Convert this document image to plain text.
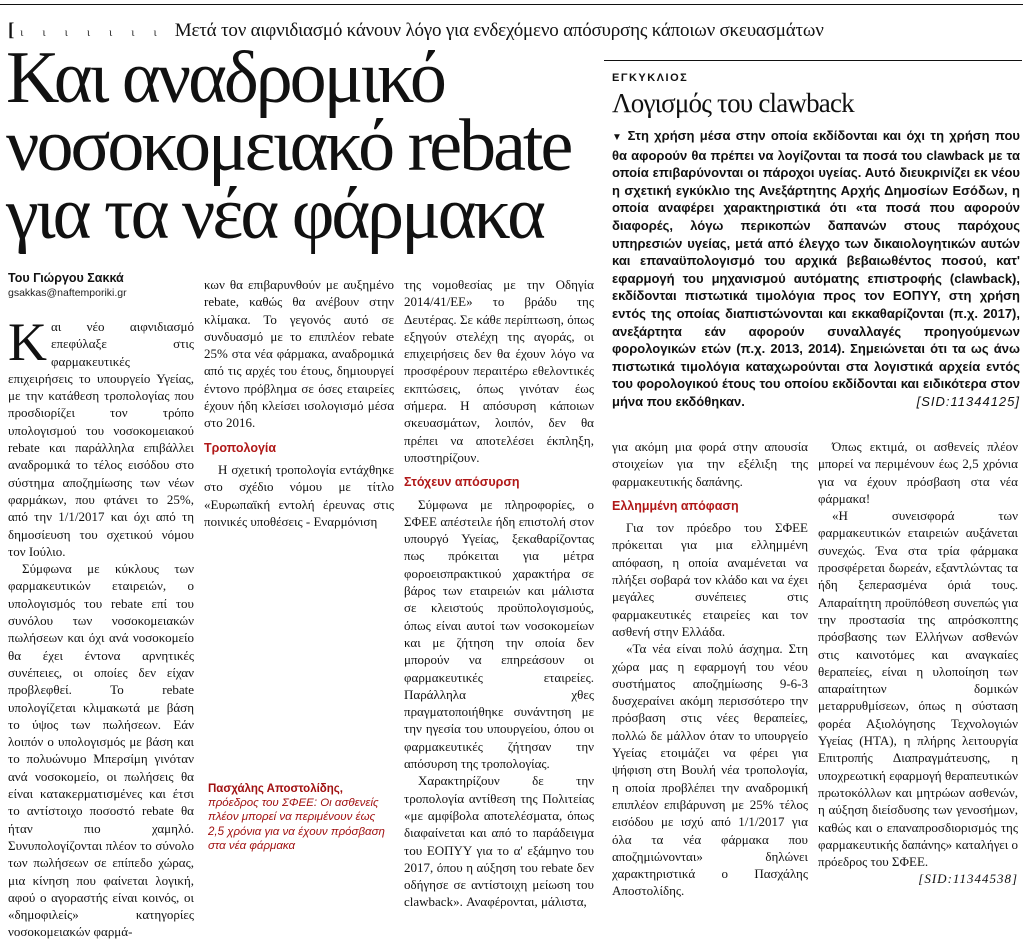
[ ι ι ι ι ι ι ι Μετά τον αιφνιδιασμό κάνουν λόγο για ενδεχόμενο απόσυρσης κάποιων σκευασμάτων
Και αναδρομικό
νοσοκομειακό rebate
για τα νέα φάρμακα
Του Γιώργου Σακκά
gsakkas@naftemporiki.gr

Και νέο αιφνιδιασμό επεφύλαξε στις φαρμακευτικές επιχειρήσεις το υπουργείο Υγείας, με την κατάθεση τροπολογίας που προσδιορίζει τον τρόπο υπολογισμού του νοσοκομειακού rebate και παράλληλα επιβάλλει αναδρομικά το τέλος εισόδου στο σύστημα αποζημίωσης των νέων φαρμάκων, που φτάνει το 25%, από την 1/1/2017 και όχι από τη δημοσίευση του σχετικού νόμου τον Ιούλιο.

Σύμφωνα με κύκλους των φαρμακευτικών εταιρειών, ο υπολογισμός του rebate επί του συνόλου των νοσοκομειακών πωλήσεων και όχι ανά νοσοκομείο θα έχει έντονα αρνητικές συνέπειες, οι οποίες δεν είχαν προβλεφθεί. Το rebate υπολογίζεται κλιμακωτά με βάση το ύψος των πωλήσεων. Εάν λοιπόν ο υπολογισμός με βάση και το πολυώνυμο Μπερσίμη γινόταν ανά νοσοκομείο, οι πωλήσεις θα είναι κατακερματισμένες και έτσι το αντίστοιχο ποσοστό rebate θα ήταν πιο χαμηλό. Συνυπολογίζονται πλέον το σύνολο των πωλήσεων σε επίπεδο χώρας, μια κίνηση που φαίνεται λογική, αφού ο αγοραστής είναι κοινός, οι «δημοφιλείς» κατηγορίες νοσοκομειακών φαρμά-

κων θα επιβαρυνθούν με αυξημένο rebate, καθώς θα ανέβουν στην κλίμακα. Το γεγονός αυτό σε συνδυασμό με το επιπλέον rebate 25% στα νέα φάρμακα, αναδρομικά από τις αρχές του έτους, δημιουργεί έντονο πρόβλημα σε όσες εταιρείες έχουν ήδη κλείσει ισολογισμό μέσα στο 2016.

Τροπολογία

Η σχετική τροπολογία εντάχθηκε στο σχέδιο νόμου με τίτλο «Ευρωπαϊκή εντολή έρευνας στις ποινικές υποθέσεις - Εναρμόνιση

Πασχάλης Αποστολίδης,
πρόεδρος του ΣΦΕΕ: Οι ασθενείς πλέον μπορεί να περιμένουν έως 2,5 χρόνια για να έχουν πρόσβαση στα νέα φάρμακα

της νομοθεσίας με την Οδηγία 2014/41/ΕΕ» το βράδυ της Δευτέρας. Σε κάθε περίπτωση, όπως εξηγούν στελέχη της αγοράς, οι επιχειρήσεις δεν θα έχουν λόγο να προσφέρουν περαιτέρω εθελοντικές εκπτώσεις, όπως γινόταν έως σήμερα. Η απόσυρση κάποιων σκευασμάτων, λοιπόν, δεν θα πρέπει να αποτελέσει έκπληξη, υποστηρίζουν.

Στόχευν απόσυρση

Σύμφωνα με πληροφορίες, ο ΣΦΕΕ απέστειλε ήδη επιστολή στον υπουργό Υγείας, ξεκαθαρίζοντας πως πρόκειται για μέτρα φοροεισπρακτικού χαρακτήρα σε βάρος των εταιρειών και μάλιστα σε κλειστούς προϋπολογισμούς, όπως είναι αυτοί των νοσοκομείων και με ζήτηση την οποία δεν μπορούν να επηρεάσουν οι φαρμακευτικές εταιρείες. Παράλληλα χθες πραγματοποιήθηκε συνάντηση με την ηγεσία του υπουργείου, όπου οι φαρμακευτικές ζήτησαν την απόσυρση της τροπολογίας.

Χαρακτηρίζουν δε την τροπολογία αντίθεση της Πολιτείας «με αμφίβολα αποτελέσματα, όπως διαφαίνεται και από το παράδειγμα του ΕΟΠΥΥ για το α' εξάμηνο του 2017, όπου η αύξηση του rebate δεν οδήγησε σε αντίστοιχη μείωση του clawback». Αναφέρονται, μάλιστα,

ΕΓΚΥΚΛΙΟΣ
Λογισμός του clawback
▼ Στη χρήση μέσα στην οποία εκδίδονται και όχι τη χρήση που θα αφορούν θα πρέπει να λογίζονται τα ποσά του clawback με τα οποία επιβαρύνονται οι πάροχοι υγείας. Αυτό διευκρινίζει εκ νέου η σχετική εγκύκλιο της Ανεξάρτητης Αρχής Δημοσίων Εσόδων, η οποία αναφέρει χαρακτηριστικά ότι «τα ποσά που αφορούν διαφορές, λόγω περικοπών δαπανών στους παρόχους υπηρεσιών υγείας, μετά από έλεγχο των δικαιολογητικών αυτών και επαναϋπολογισμό του αρχικά βεβαιωθέντος ποσού, κατ' εφαρμογή του μηχανισμού αυτόματης επιστροφής (clawback), εκδίδονται πιστωτικά τιμολόγια προς τον ΕΟΠΥΥ, στη χρήση εντός της οποίας διαπιστώνονται και εκκαθαρίζονται (π.χ. 2017), ανεξάρτητα εάν αφορούν συναλλαγές προηγούμενων φορολογικών ετών (π.χ. 2013, 2014). Σημειώνεται ότι τα ως άνω πιστωτικά τιμολόγια καταχωρούνται στα λογιστικά αρχεία εντός του φορολογικού έτους του οποίου εκδίδονται και ειδικότερα στον μήνα που εκδόθηκαν.	[SID:11344125]

για ακόμη μια φορά στην απουσία στοιχείων για την εξέλιξη της φαρμακευτικής δαπάνης.

Ελλημμένη απόφαση

Για τον πρόεδρο του ΣΦΕΕ πρόκειται για μια ελλημμένη απόφαση, η οποία αναμένεται να πλήξει σοβαρά τον κλάδο και να έχει μεγάλες συνέπειες στις φαρμακευτικές εταιρείες και τον ασθενή στην Ελλάδα.

«Τα νέα είναι πολύ άσχημα. Στη χώρα μας η εφαρμογή του νέου συστήματος αποζημίωσης 9-6-3 δυσχεραίνει ακόμη περισσότερο την πρόσβαση στις νέες θεραπείες, πολλώ δε μάλλον όταν το υπουργείο Υγείας ετοιμάζει να φέρει για ψήφιση στη Βουλή νέα τροπολογία, η οποία προβλέπει την αναδρομική επιπλέον επιβάρυνση με 25% τέλος εισόδου με ισχύ από 1/1/2017 για όλα τα νέα φάρμακα που αποζημιώνονται» δηλώνει χαρακτηριστικά ο Πασχάλης Αποστολίδης.

Όπως εκτιμά, οι ασθενείς πλέον μπορεί να περιμένουν έως 2,5 χρόνια για να έχουν πρόσβαση στα νέα φάρμακα!

«Η συνεισφορά των φαρμακευτικών εταιρειών αυξάνεται συνεχώς. Ένα στα τρία φάρμακα προσφέρεται δωρεάν, εξαντλώντας τα ήδη ξεπερασμένα όριά τους. Απαραίτητη προϋπόθεση συνεπώς για την προστασία της απρόσκοπτης πρόσβασης των Ελλήνων ασθενών στις καινοτόμες και αναγκαίες θεραπείες, είναι η υλοποίηση των απαραίτητων δομικών μεταρρυθμίσεων, όπως η σύσταση φορέα Αξιολόγησης Τεχνολογιών Υγείας (HTA), η πλήρης λειτουργία Επιτροπής Διαπραγμάτευσης, η υποχρεωτική εφαρμογή θεραπευτικών πρωτοκόλλων και μητρώων ασθενών, η αύξηση διείσδυσης των γενοσήμων, καθώς και ο επαναπροσδιορισμός της φαρμακευτικής δαπάνης» καταλήγει ο πρόεδρος του ΣΦΕΕ.

[SID:11344538]
